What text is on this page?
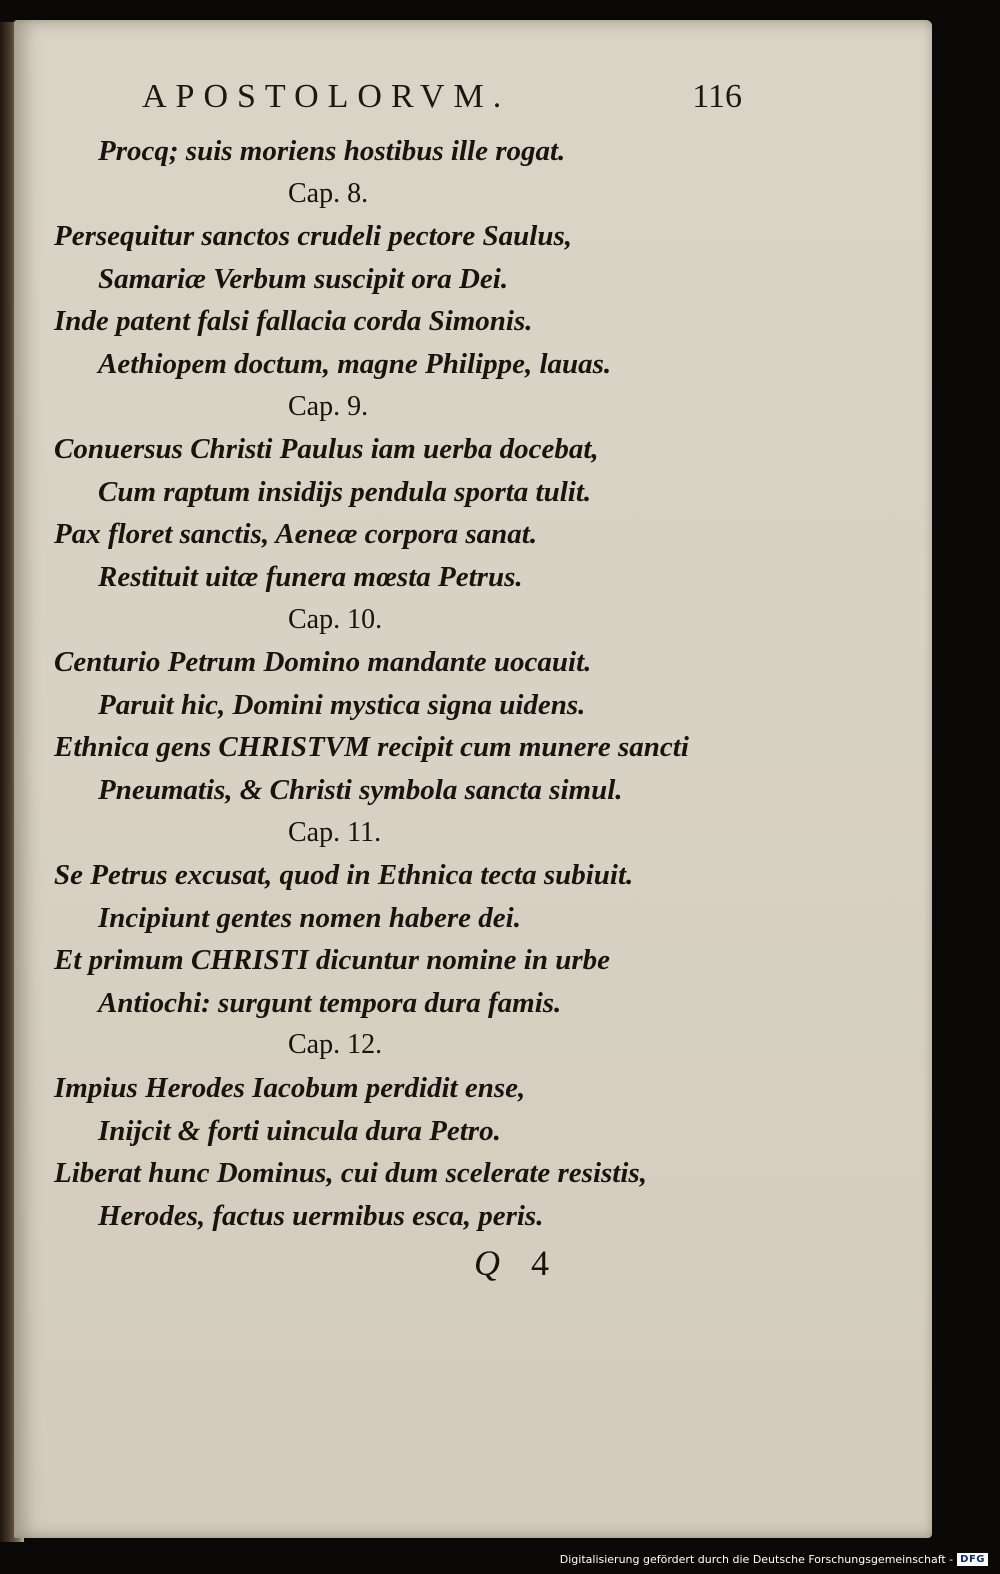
APOSTOLORVM.	116
Procq; suis moriens hostibus ille rogat.
Cap. 8.
Persequitur sanctos crudeli pectore Saulus,
Samariæ Verbum suscipit ora Dei.
Inde patent falsi fallacia corda Simonis.
Aethiopem doctum, magne Philippe, lauas.
Cap. 9.
Conuersus Christi Paulus iam uerba docebat,
Cum raptum insidijs pendula sporta tulit.
Pax floret sanctis, Aeneæ corpora sanat.
Restituit uitæ funera mœsta Petrus.
Cap. 10.
Centurio Petrum Domino mandante uocauit.
Paruit hic, Domini mystica signa uidens.
Ethnica gens CHRISTVM recipit cum munere sancti
Pneumatis, & Christi symbola sancta simul.
Cap. 11.
Se Petrus excusat, quod in Ethnica tecta subiuit.
Incipiunt gentes nomen habere dei.
Et primum CHRISTI dicuntur nomine in urbe
Antiochi: surgunt tempora dura famis.
Cap. 12.
Impius Herodes Iacobum perdidit ense,
Inijcit & forti uincula dura Petro.
Liberat hunc Dominus, cui dum scelerate resistis,
Herodes, factus uermibus esca, peris.
Q 4
Digitalisierung gefördert durch die Deutsche Forschungsgemeinschaft - DFG
